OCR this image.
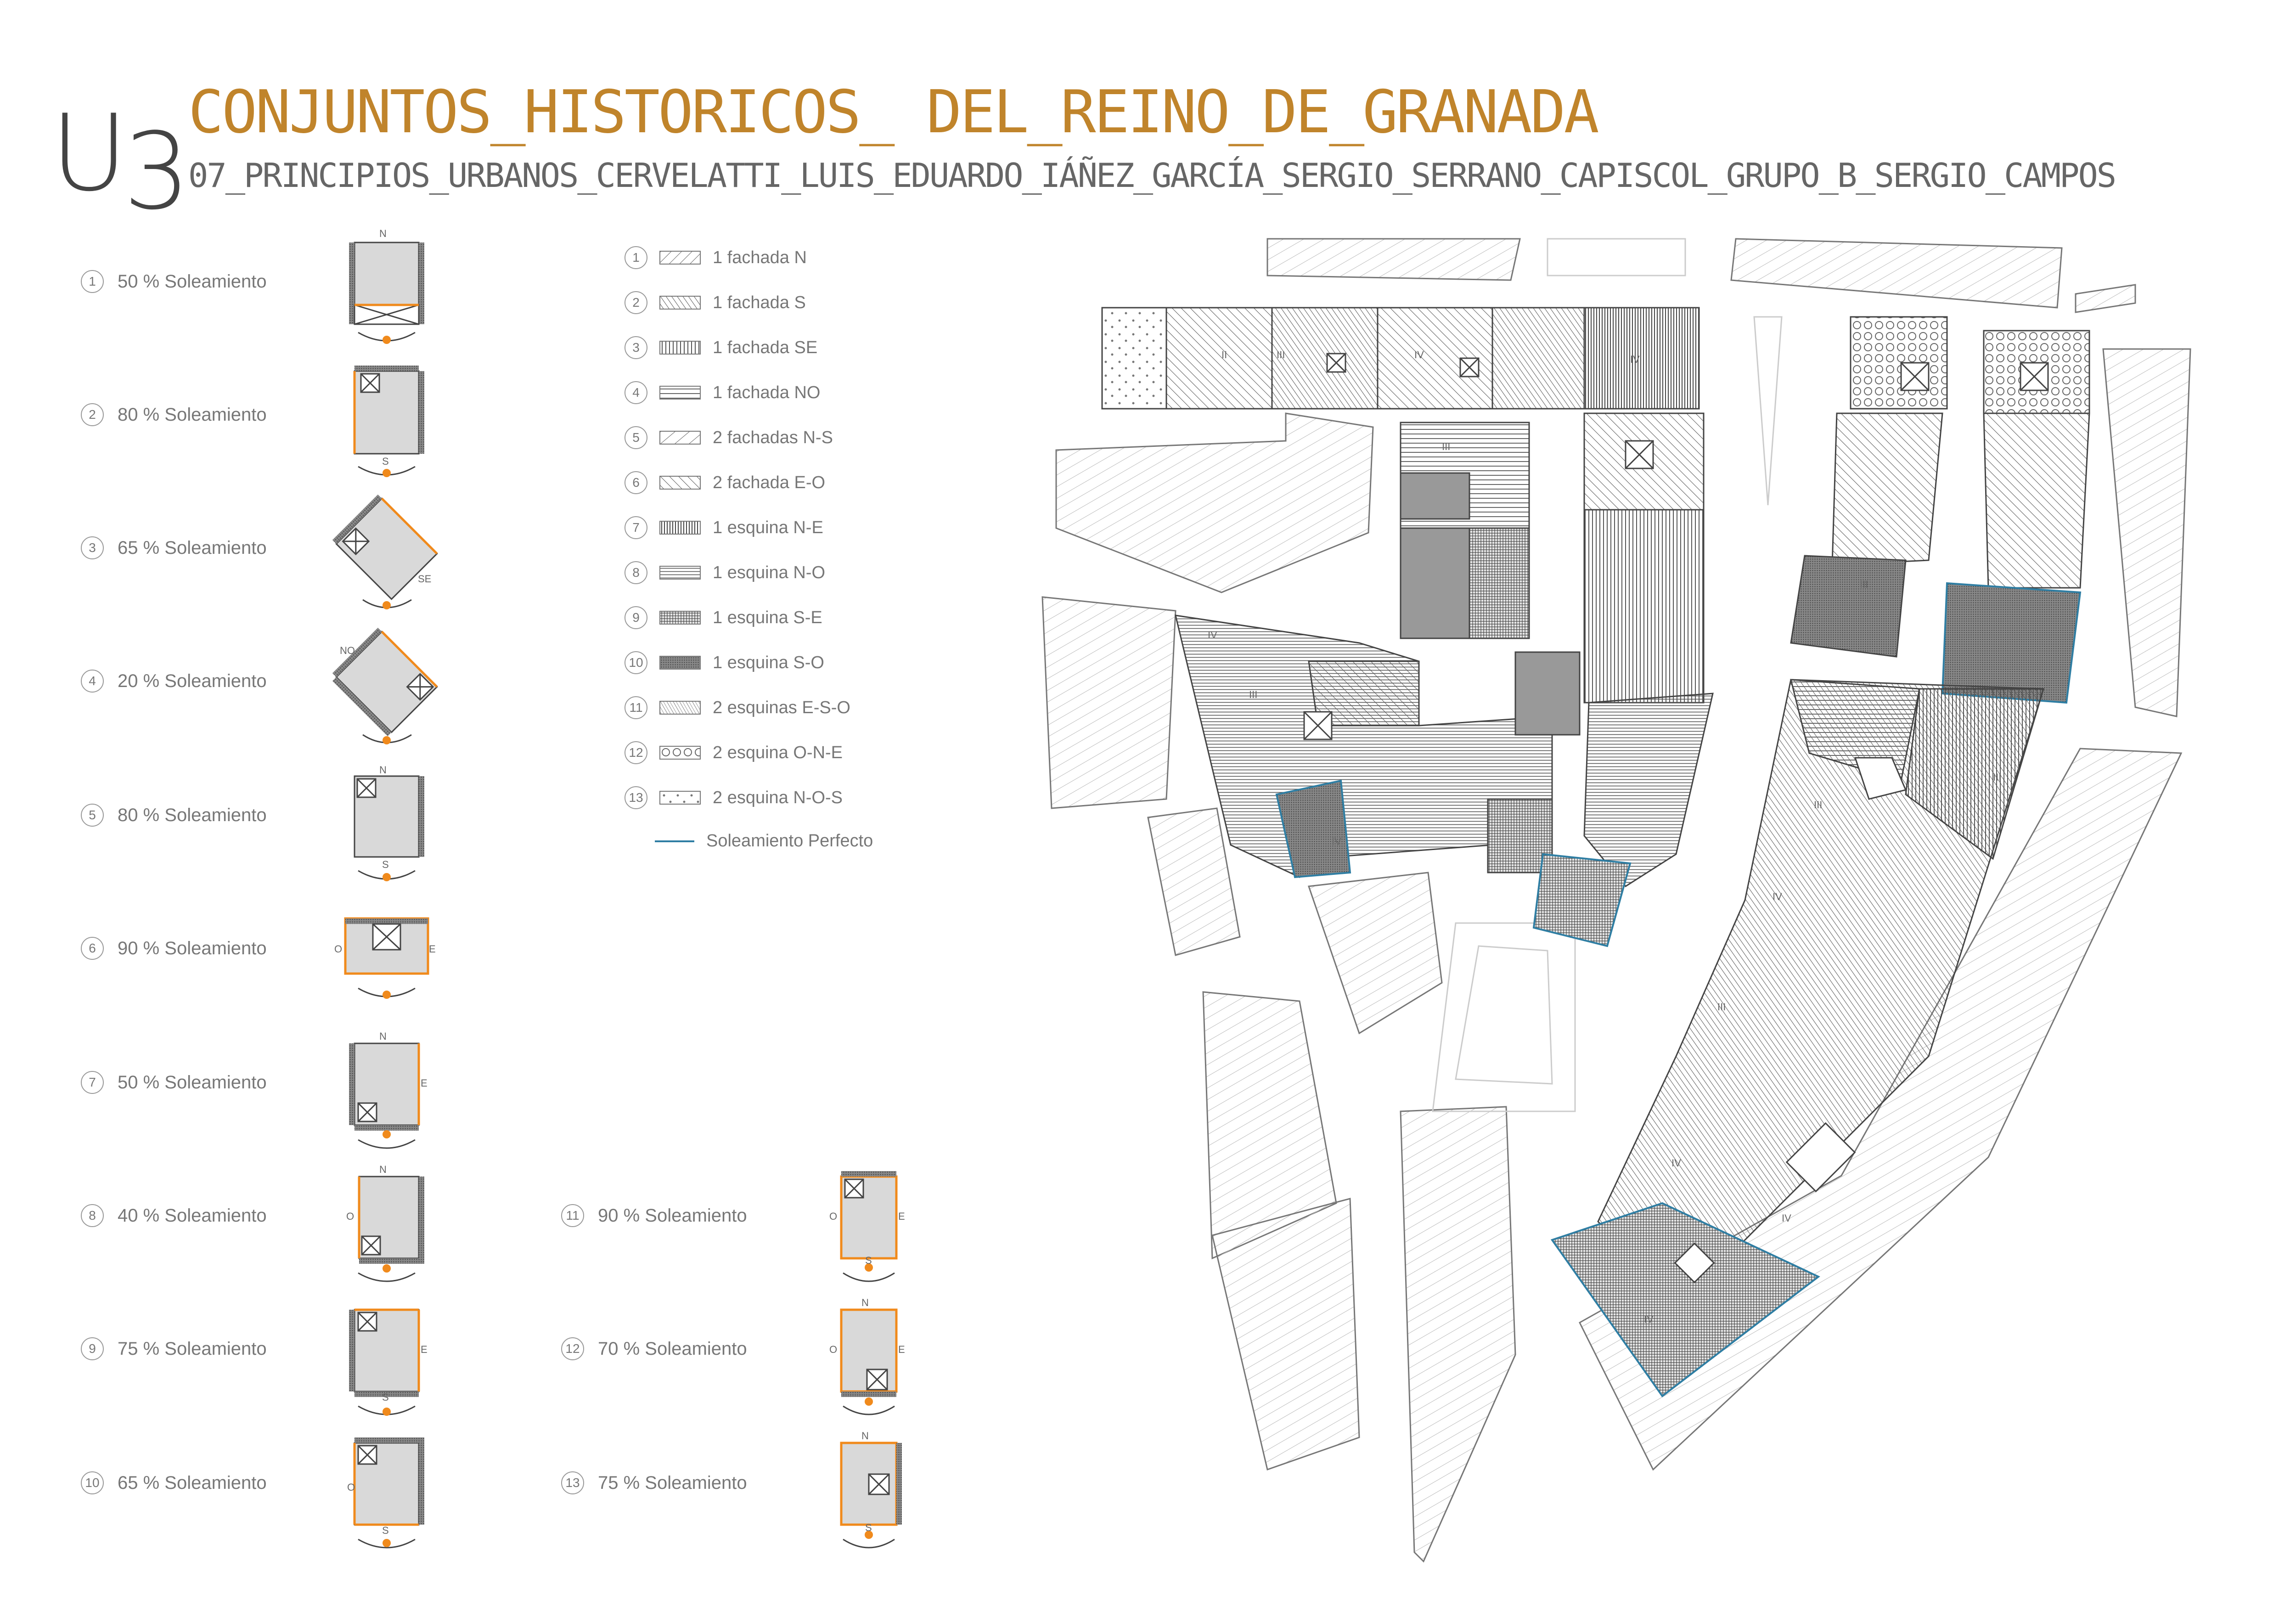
U3 CONJUNTOS_HISTORICOS_ DEL_REINO_DE_GRANADA
07_PRINCIPIOS_URBANOS_CERVELATTI_LUIS_EDUARDO_IÁÑEZ_GARCÍA_SERGIO_SERRANO_CAPISCOL_GRUPO_B_SERGIO_CAMPOS
1	50 % Soleamiento
2	80 % Soleamiento
3	65 % Soleamiento
4	20 % Soleamiento
5	80 % Soleamiento
6	90 % Soleamiento
7	50 % Soleamiento
8	40 % Soleamiento
9	75 % Soleamiento
10 65 % Soleamiento
11 90 % Soleamiento
12 70 % Soleamiento
13 75 % Soleamiento
N
S
SE
NO
N
S
O	E
N
E
N
O
E
S
O
S
O	E
S
N
O	E
N
S
1	1 fachada N
2	1 fachada S
3	1 fachada SE
4	1 fachada NO
5	2 fachadas N-S
6	2 fachada E-O
7	1 esquina N-E
8	1 esquina N-O
9	1 esquina S-E
10	1 esquina S-O
11	2 esquinas E-S-O
12	2 esquina O-N-E
13	2 esquina N-O-S
Soleamiento Perfecto
II	III	IV	IV
III
IV
III
IV
III
III
IV
III
IV
IV
IV
III
